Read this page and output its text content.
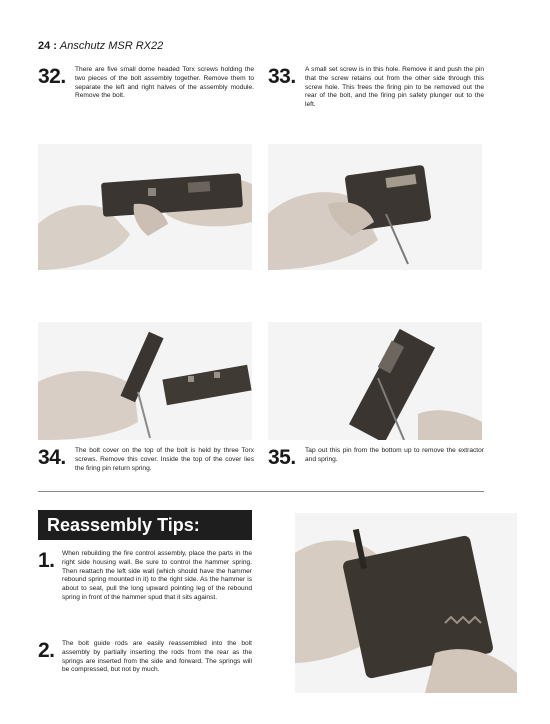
24 : Anschutz MSR RX22
32. There are five small dome headed Torx screws holding the two pieces of the bolt assembly together. Remove them to separate the left and right halves of the assembly module. Remove the bolt.
33. A small set screw is in this hole. Remove it and push the pin that the screw retains out from the other side through this screw hole. This frees the firing pin to be removed out the rear of the bolt, and the firing pin safety plunger out to the left.
34. The bolt cover on the top of the bolt is held by three Torx screws. Remove this cover. Inside the top of the cover lies the firing pin return spring.	35. Tap out this pin from the bottom up to remove the extractor and spring.
Reassembly Tips:
1. When rebuilding the fire control assembly, place the parts in the right side housing wall. Be sure to control the hammer spring. Then reattach the left side wall (which should have the hammer rebound spring mounted in it) to the right side. As the hammer is about to seat, pull the long upward pointing leg of the rebound spring in front of the hammer spud that it sits against.
2. The bolt guide rods are easily reassembled into the bolt assembly by partially inserting the rods from the rear as the springs are inserted from the side and forward. The springs will be compressed, but not by much.
